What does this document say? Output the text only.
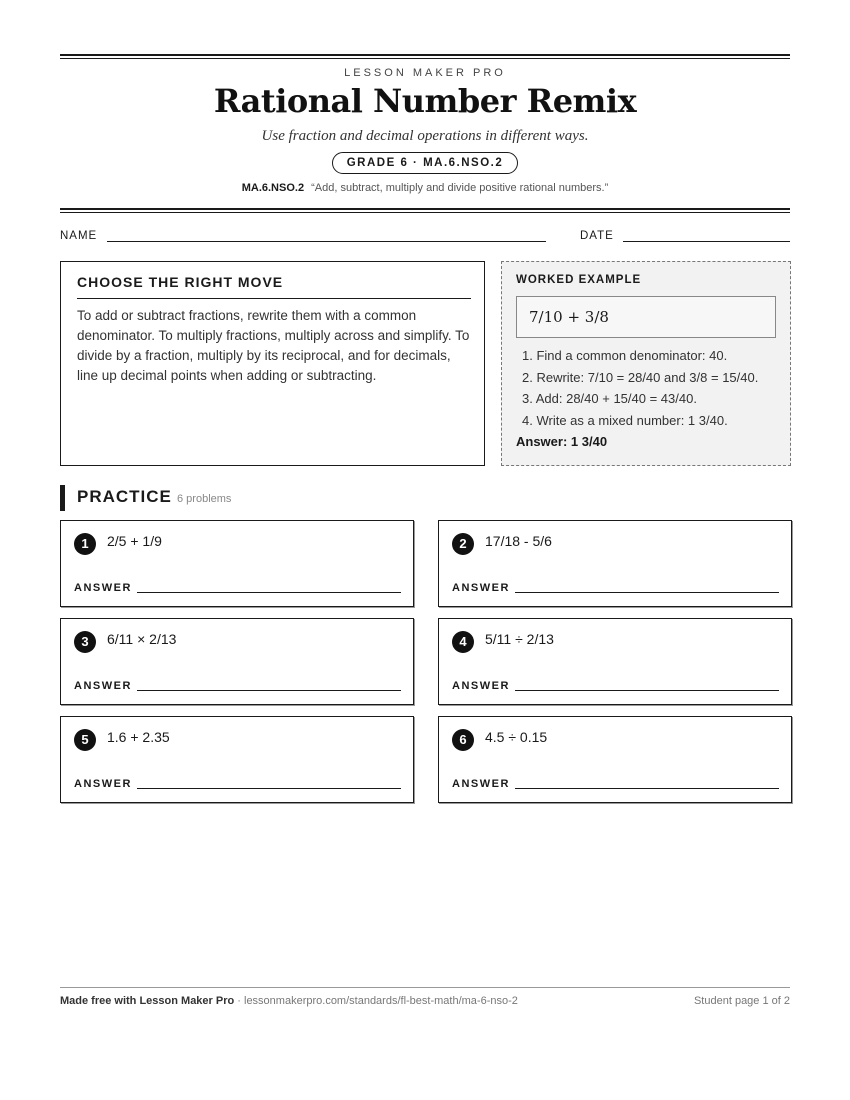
LESSON MAKER PRO
Rational Number Remix
Use fraction and decimal operations in different ways.
GRADE 6 · MA.6.NSO.2
MA.6.NSO.2 “Add, subtract, multiply and divide positive rational numbers.”
NAME	DATE
CHOOSE THE RIGHT MOVE

To add or subtract fractions, rewrite them with a common denominator. To multiply fractions, multiply across and simplify. To divide by a fraction, multiply by its reciprocal, and for decimals, line up decimal points when adding or subtracting.

WORKED EXAMPLE
7/10 + 3/8
1. Find a common denominator: 40.
2. Rewrite: 7/10 = 28/40 and 3/8 = 15/40.
3. Add: 28/40 + 15/40 = 43/40.
4. Write as a mixed number: 1 3/40.
Answer: 1 3/40
PRACTICE 6 problems
1	2/5 + 1/9
ANSWER
2	17/18 - 5/6
ANSWER
3	6/11 × 2/13
ANSWER
4	5/11 ÷ 2/13
ANSWER
5	1.6 + 2.35
ANSWER
6	4.5 ÷ 0.15
ANSWER
Made free with Lesson Maker Pro · lessonmakerpro.com/standards/fl-best-math/ma-6-nso-2	Student page 1 of 2
